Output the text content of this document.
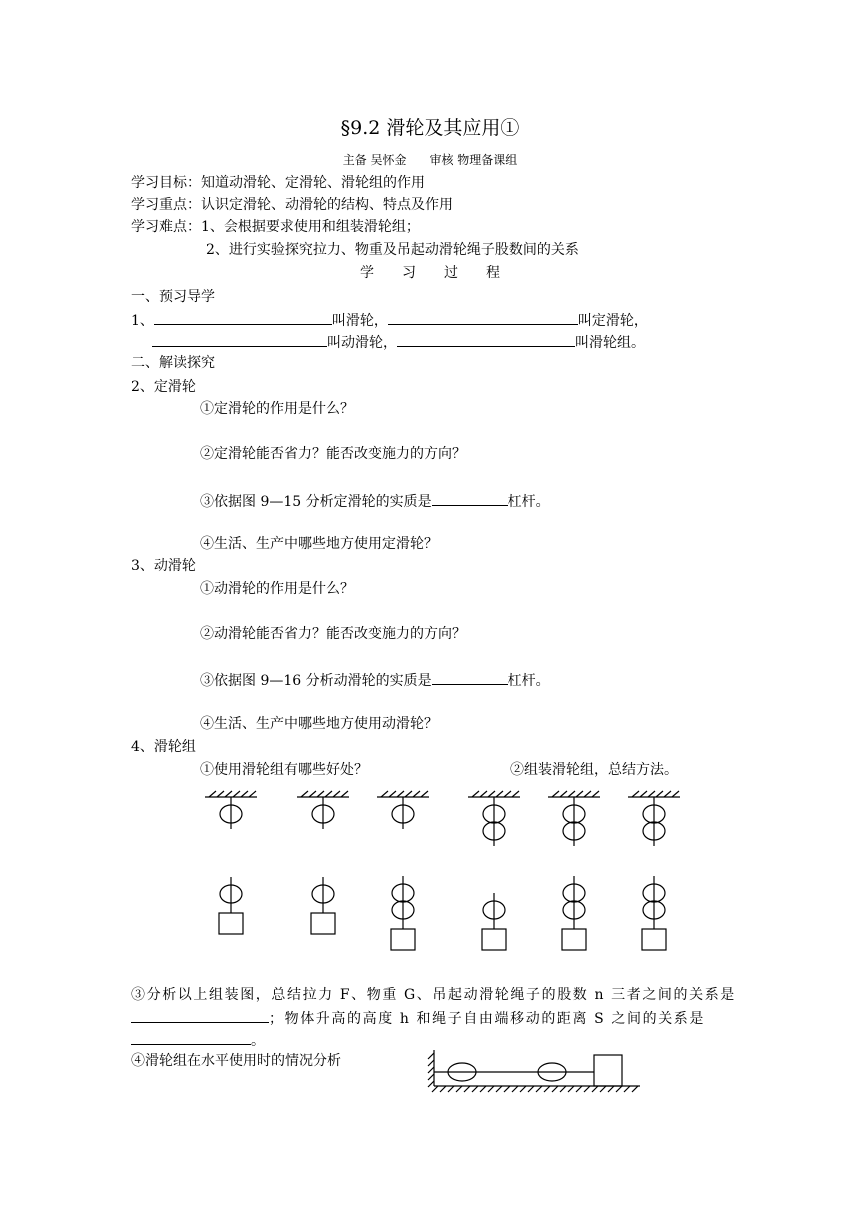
§9.2 滑轮及其应用①
主备 吴怀金 审核 物理备课组
学习目标：知道动滑轮、定滑轮、滑轮组的作用
学习重点：认识定滑轮、动滑轮的结构、特点及作用
学习难点：1、会根据要求使用和组装滑轮组；
2、进行实验探究拉力、物重及吊起动滑轮绳子股数间的关系
学　　习　　过　　程
一、预习导学
1、	叫滑轮，	叫定滑轮，
叫动滑轮，	叫滑轮组。
二、解读探究
2、定滑轮
①定滑轮的作用是什么？
②定滑轮能否省力？能否改变施力的方向？
③依据图 9—15 分析定滑轮的实质是	杠杆。
④生活、生产中哪些地方使用定滑轮？
3、动滑轮
①动滑轮的作用是什么？
②动滑轮能否省力？能否改变施力的方向？
③依据图 9—16 分析动滑轮的实质是	杠杆。
④生活、生产中哪些地方使用动滑轮？
4、滑轮组
①使用滑轮组有哪些好处？	②组装滑轮组，总结方法。
③分析以上组装图，总结拉力 F、物重 G、吊起动滑轮绳子的股数 n 三者之间的关系是
；物体升高的高度 h 和绳子自由端移动的距离 S 之间的关系是
。
④滑轮组在水平使用时的情况分析
